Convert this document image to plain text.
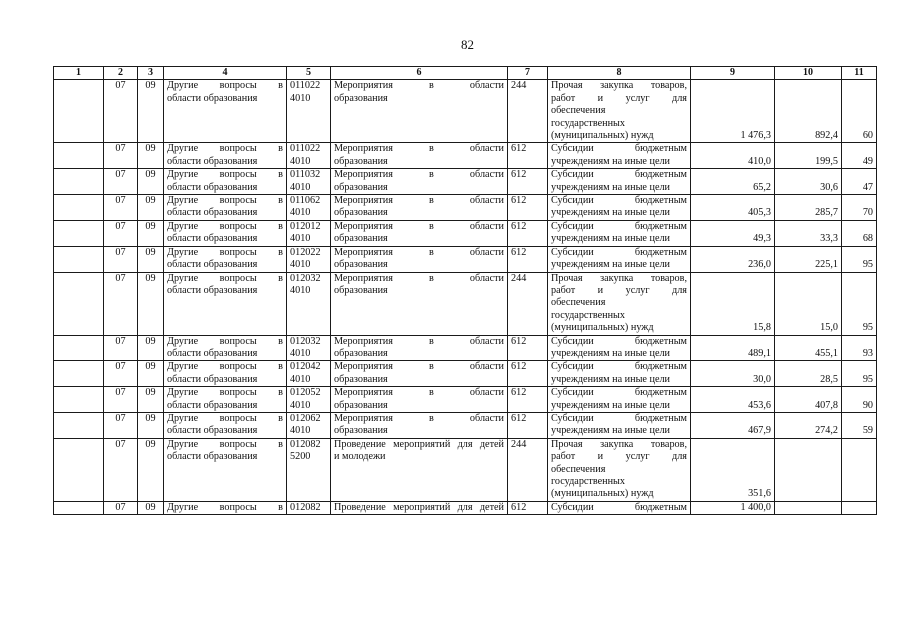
82
1	2	3	4	5	6	7	8	9	10	11
	07	09	Другие вопросы в
области образования	011022
4010	Мероприятия в области
образования	244	Прочая закупка товаров,
работ и услуг для
обеспечения
государственных
(муниципальных) нужд	1 476,3	892,4	60
	07	09	Другие вопросы в
области образования	011022
4010	Мероприятия в области
образования	612	Субсидии бюджетным
учреждениям на иные цели	410,0	199,5	49
	07	09	Другие вопросы в
области образования	011032
4010	Мероприятия в области
образования	612	Субсидии бюджетным
учреждениям на иные цели	65,2	30,6	47
	07	09	Другие вопросы в
области образования	011062
4010	Мероприятия в области
образования	612	Субсидии бюджетным
учреждениям на иные цели	405,3	285,7	70
	07	09	Другие вопросы в
области образования	012012
4010	Мероприятия в области
образования	612	Субсидии бюджетным
учреждениям на иные цели	49,3	33,3	68
	07	09	Другие вопросы в
области образования	012022
4010	Мероприятия в области
образования	612	Субсидии бюджетным
учреждениям на иные цели	236,0	225,1	95
	07	09	Другие вопросы в
области образования	012032
4010	Мероприятия в области
образования	244	Прочая закупка товаров,
работ и услуг для
обеспечения
государственных
(муниципальных) нужд	15,8	15,0	95
	07	09	Другие вопросы в
области образования	012032
4010	Мероприятия в области
образования	612	Субсидии бюджетным
учреждениям на иные цели	489,1	455,1	93
	07	09	Другие вопросы в
области образования	012042
4010	Мероприятия в области
образования	612	Субсидии бюджетным
учреждениям на иные цели	30,0	28,5	95
	07	09	Другие вопросы в
области образования	012052
4010	Мероприятия в области
образования	612	Субсидии бюджетным
учреждениям на иные цели	453,6	407,8	90
	07	09	Другие вопросы в
области образования	012062
4010	Мероприятия в области
образования	612	Субсидии бюджетным
учреждениям на иные цели	467,9	274,2	59
	07	09	Другие вопросы в
области образования	012082
5200	Проведение мероприятий для детей
и молодежи	244	Прочая закупка товаров,
работ и услуг для
обеспечения
государственных
(муниципальных) нужд	351,6		
	07	09	Другие вопросы в	012082	Проведение мероприятий для детей	612	Субсидии бюджетным	1 400,0		
